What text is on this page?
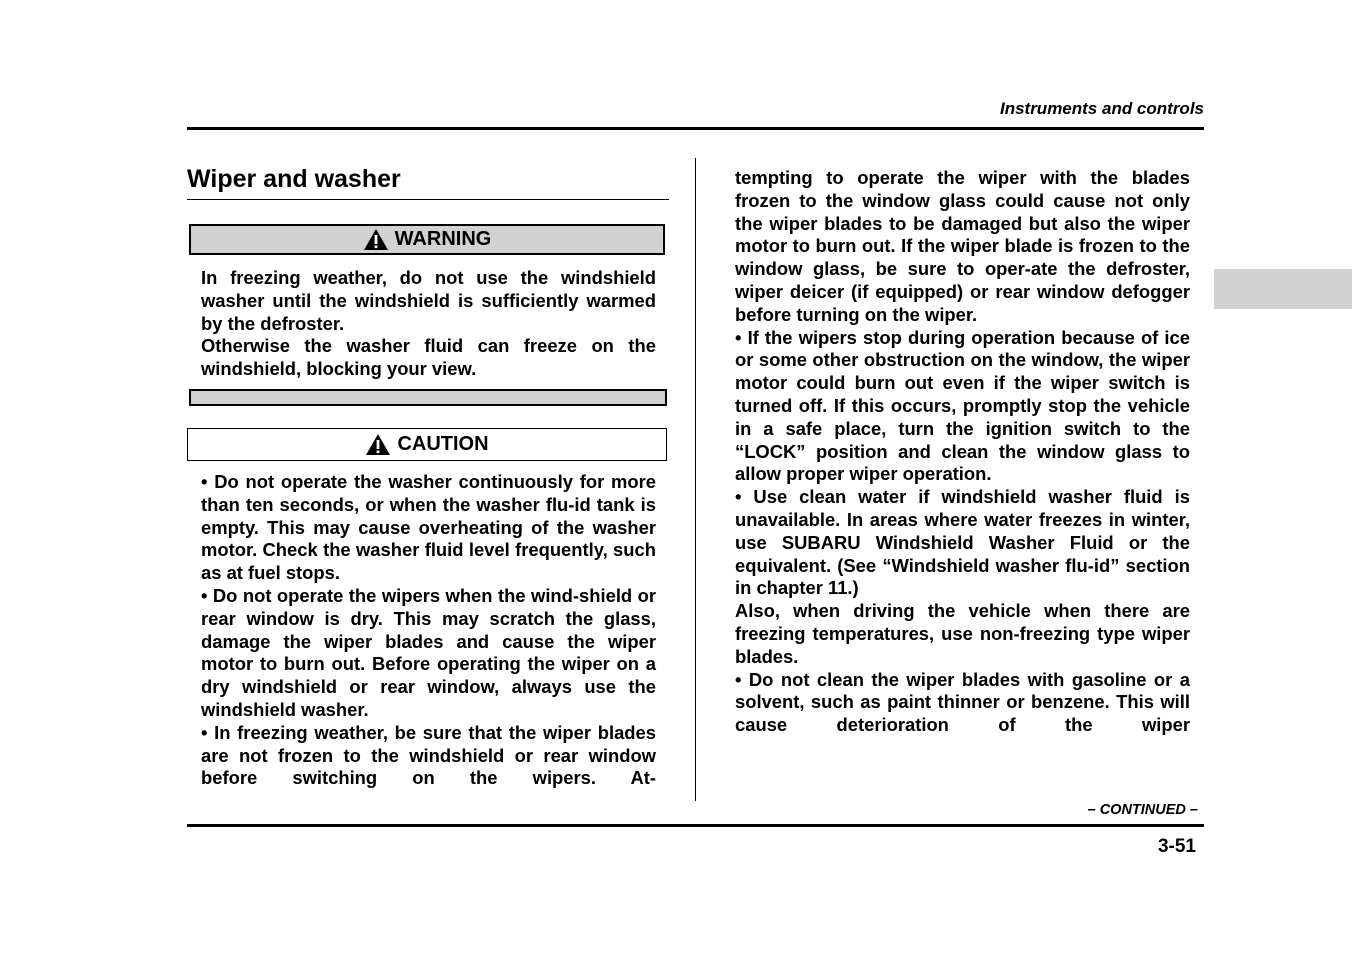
Instruments and controls
Wiper and washer
WARNING

In freezing weather, do not use the windshield washer until the windshield is sufficiently warmed by the defroster.

Otherwise the washer fluid can freeze on the windshield, blocking your view.

CAUTION

• Do not operate the washer continuously for more than ten seconds, or when the washer flu-id tank is empty. This may cause overheating of the washer motor. Check the washer fluid level frequently, such as at fuel stops.

• Do not operate the wipers when the wind-shield or rear window is dry. This may scratch the glass, damage the wiper blades and cause the wiper motor to burn out. Before operating the wiper on a dry windshield or rear window, always use the windshield washer.

• In freezing weather, be sure that the wiper blades are not frozen to the windshield or rear window before switching on the wipers. At-

tempting to operate the wiper with the blades frozen to the window glass could cause not only the wiper blades to be damaged but also the wiper motor to burn out. If the wiper blade is frozen to the window glass, be sure to oper-ate the defroster, wiper deicer (if equipped) or rear window defogger before turning on the wiper.

• If the wipers stop during operation because of ice or some other obstruction on the window, the wiper motor could burn out even if the wiper switch is turned off. If this occurs, promptly stop the vehicle in a safe place, turn the ignition switch to the “LOCK” position and clean the window glass to allow proper wiper operation.

• Use clean water if windshield washer fluid is unavailable. In areas where water freezes in winter, use SUBARU Windshield Washer Fluid or the equivalent. (See “Windshield washer flu-id” section in chapter 11.)

Also, when driving the vehicle when there are freezing temperatures, use non-freezing type wiper blades.

• Do not clean the wiper blades with gasoline or a solvent, such as paint thinner or benzene. This will cause deterioration of the wiper

– CONTINUED –
3-51
